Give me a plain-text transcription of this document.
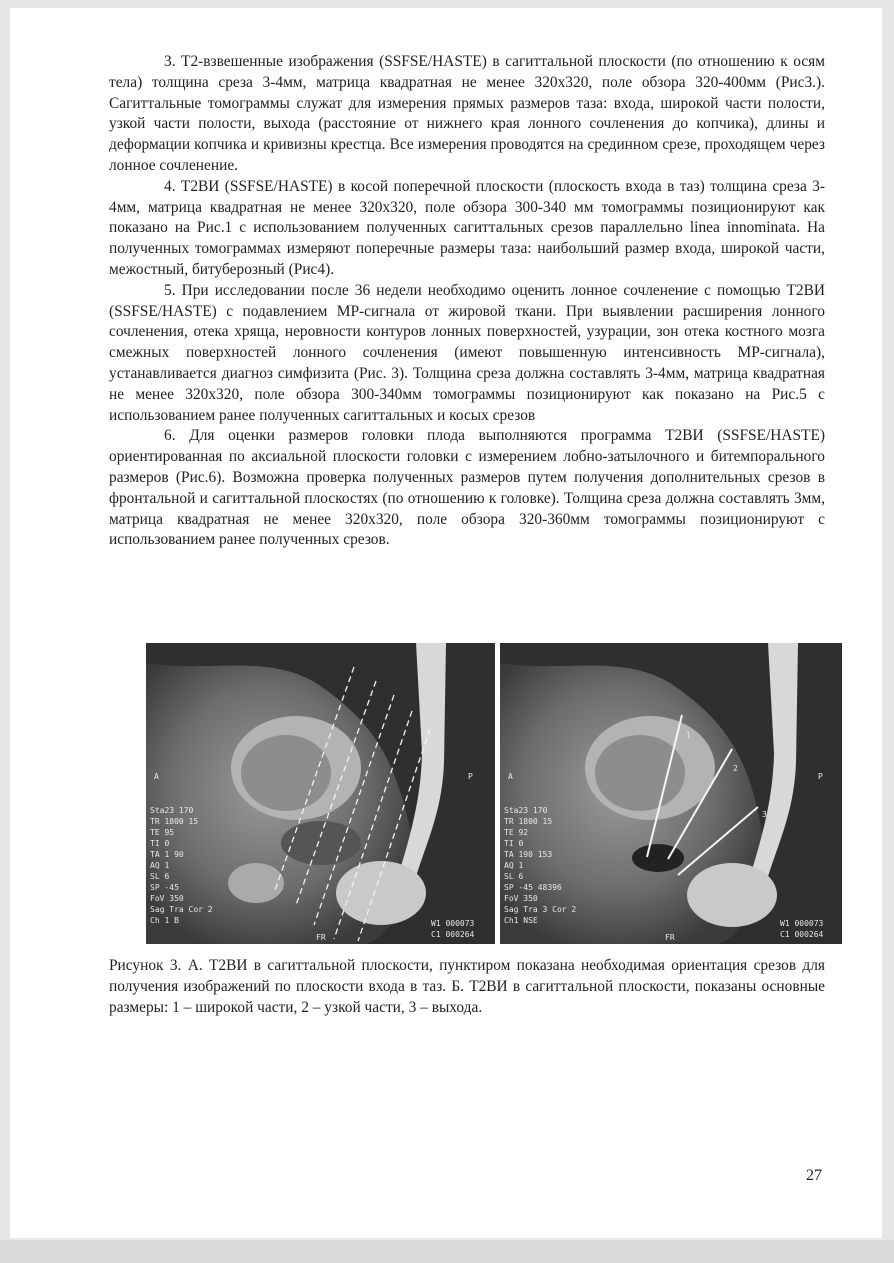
3. Т2-взвешенные изображения (SSFSE/HASTE) в сагиттальной плоскости (по отношению к осям тела) толщина среза 3-4мм, матрица квадратная не менее 320х320, поле обзора 320-400мм (Рис3.). Сагиттальные томограммы служат для измерения прямых размеров таза: входа, широкой части полости, узкой части полости, выхода (расстояние от нижнего края лонного сочленения до копчика), длины и деформации копчика и кривизны крестца. Все измерения проводятся на срединном срезе, проходящем через лонное сочленение.

4. Т2ВИ (SSFSE/HASTE) в косой поперечной плоскости (плоскость входа в таз) толщина среза 3-4мм, матрица квадратная не менее 320х320, поле обзора 300-340 мм томограммы позиционируют как показано на Рис.1 с использованием полученных сагиттальных срезов параллельно linea innominata. На полученных томограммах измеряют поперечные размеры таза: наибольший размер входа, широкой части, межостный, битуберозный (Рис4).

5. При исследовании после 36 недели необходимо оценить лонное сочленение с помощью Т2ВИ (SSFSE/HASTE) с подавлением МР-сигнала от жировой ткани. При выявлении расширения лонного сочленения, отека хряща, неровности контуров лонных поверхностей, узурации, зон отека костного мозга смежных поверхностей лонного сочленения (имеют повышенную интенсивность МР-сигнала), устанавливается диагноз симфизита (Рис. 3). Толщина среза должна составлять 3-4мм, матрица квадратная не менее 320х320, поле обзора 300-340мм томограммы позиционируют как показано на Рис.5 с использованием ранее полученных сагиттальных и косых срезов

6. Для оценки размеров головки плода выполняются программа Т2ВИ (SSFSE/HASTE) ориентированная по аксиальной плоскости головки с измерением лобно-затылочного и битемпорального размеров (Рис.6). Возможна проверка полученных размеров путем получения дополнительных срезов в фронтальной и сагиттальной плоскостях (по отношению к головке). Толщина среза должна составлять 3мм, матрица квадратная не менее 320х320, поле обзора 320-360мм томограммы позиционируют с использованием ранее полученных срезов.

A	P
FR
Sta23 170
TR 1800 15
TE 95
TI 0
TA 1 90
AQ 1
SL 6
SP -45
FoV 350
Sag Tra Cor 2
Ch 1 B	W1 000073
C1 000264
1
2
3
A	P
FR
Sta23 170
TR 1800 15
TE 92
TI 0
TA 190 153
AQ 1
SL 6
SP -45 48396
FoV 350
Sag Tra 3 Cor 2
Ch1 NSE	W1 000073
C1 000264

Рисунок 3. А. Т2ВИ в сагиттальной плоскости, пунктиром показана необходимая ориентация срезов для получения изображений по плоскости входа в таз. Б. Т2ВИ в сагиттальной плоскости, показаны основные размеры: 1 – широкой части, 2 – узкой части, 3 – выхода.

27
